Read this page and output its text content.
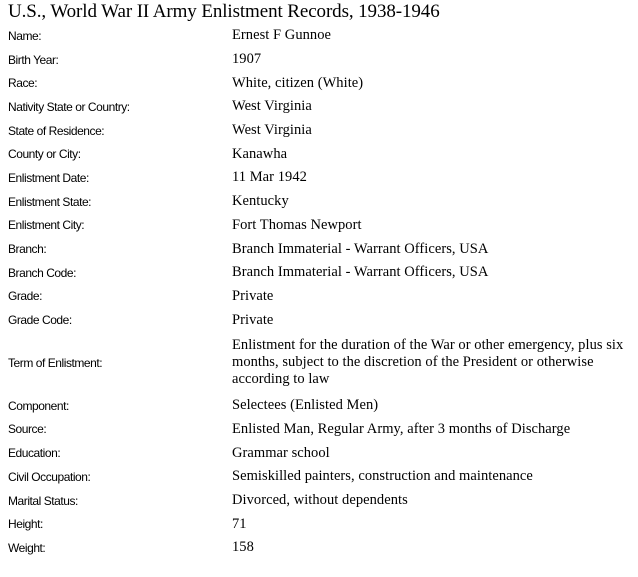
U.S., World War II Army Enlistment Records, 1938-1946
Name:	Ernest F Gunnoe
Birth Year:	1907
Race:	White, citizen (White)
Nativity State or Country:	West Virginia
State of Residence:	West Virginia
County or City:	Kanawha
Enlistment Date:	11 Mar 1942
Enlistment State:	Kentucky
Enlistment City:	Fort Thomas Newport
Branch:	Branch Immaterial - Warrant Officers, USA
Branch Code:	Branch Immaterial - Warrant Officers, USA
Grade:	Private
Grade Code:	Private
Term of Enlistment:	Enlistment for the duration of the War or other emergency, plus six months, subject to the discretion of the President or otherwise according to law
Component:	Selectees (Enlisted Men)
Source:	Enlisted Man, Regular Army, after 3 months of Discharge
Education:	Grammar school
Civil Occupation:	Semiskilled painters, construction and maintenance
Marital Status:	Divorced, without dependents
Height:	71
Weight:	158
